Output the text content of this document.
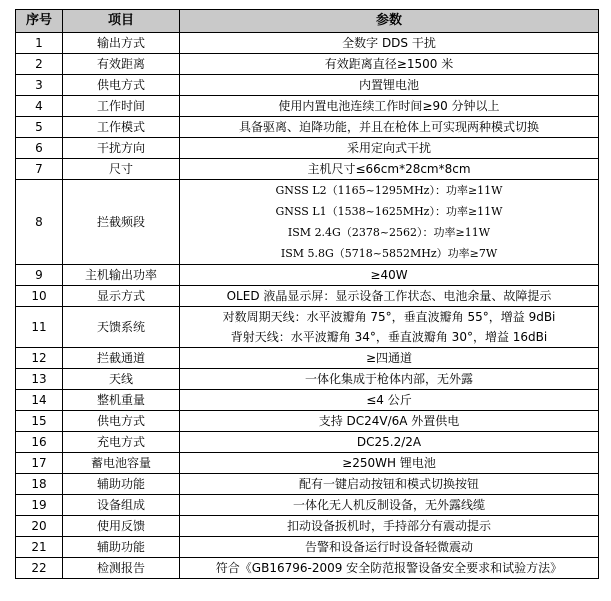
序号	项目	参数
1	输出方式	全数字 DDS 干扰
2	有效距离	有效距离直径≥1500 米
3	供电方式	内置锂电池
4	工作时间	使用内置电池连续工作时间≥90 分钟以上
5	工作模式	具备驱离、迫降功能，并且在枪体上可实现两种模式切换
6	干扰方向	采用定向式干扰
7	尺寸	主机尺寸≤66cm*28cm*8cm
8	拦截频段	GNSS L2（1165~1295MHz）：功率≥11W
GNSS L1（1538~1625MHz）：功率≥11W
ISM 2.4G（2378~2562）：功率≥11W
ISM 5.8G（5718~5852MHz）功率≥7W

9	主机输出功率	≥40W
10	显示方式	OLED 液晶显示屏：显示设备工作状态、电池余量、故障提示
11	天馈系统	对数周期天线：水平波瓣角 75°，垂直波瓣角 55°，增益 9dBi
背射天线：水平波瓣角 34°，垂直波瓣角 30°，增益 16dBi

12	拦截通道	≥四通道
13	天线	一体化集成于枪体内部，无外露
14	整机重量	≤4 公斤
15	供电方式	支持 DC24V/6A 外置供电
16	充电方式	DC25.2/2A
17	蓄电池容量	≥250WH 锂电池
18	辅助功能	配有一键启动按钮和模式切换按钮
19	设备组成	一体化无人机反制设备，无外露线缆
20	使用反馈	扣动设备扳机时，手持部分有震动提示
21	辅助功能	告警和设备运行时设备轻微震动
22	检测报告	符合《GB16796-2009 安全防范报警设备安全要求和试验方法》
